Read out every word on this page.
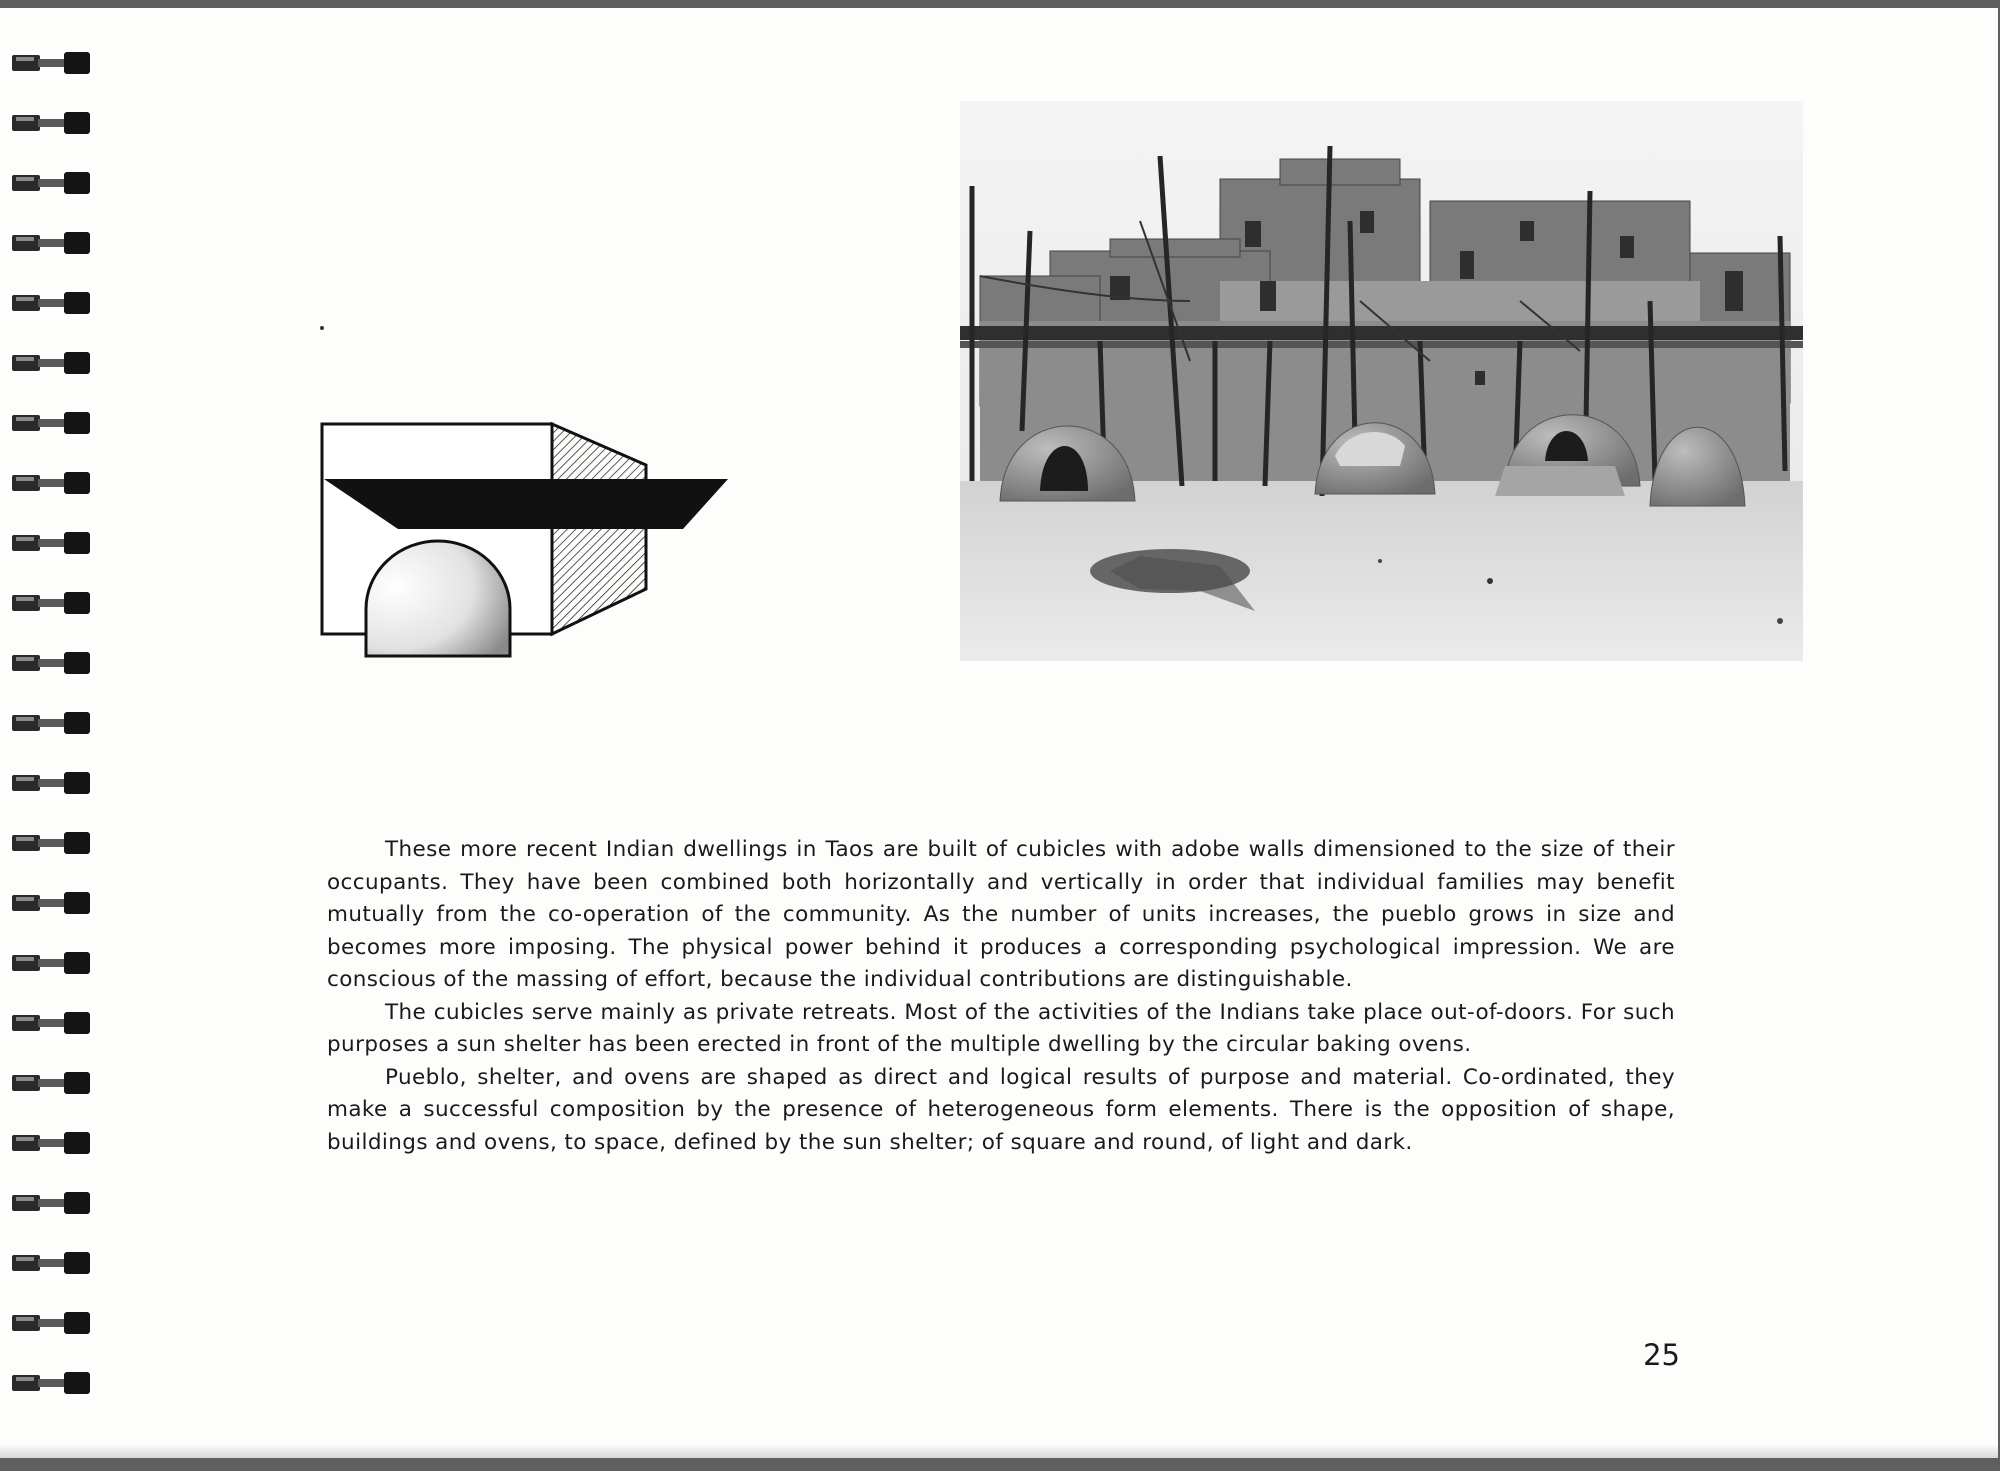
These more recent Indian dwellings in Taos are built of cubicles with adobe walls dimensioned to the size of their occupants. They have been combined both horizontally and vertically in order that individual families may benefit mutually from the co-operation of the community. As the number of units increases, the pueblo grows in size and becomes more imposing. The physical power behind it produces a corresponding psychological impression. We are conscious of the massing of effort, because the individual contributions are distinguishable.

The cubicles serve mainly as private retreats. Most of the activities of the Indians take place out-of-doors. For such purposes a sun shelter has been erected in front of the multiple dwelling by the circular baking ovens.

Pueblo, shelter, and ovens are shaped as direct and logical results of purpose and material. Co-ordinated, they make a successful composition by the presence of heterogeneous form elements. There is the opposition of shape, buildings and ovens, to space, defined by the sun shelter; of square and round, of light and dark.

25
